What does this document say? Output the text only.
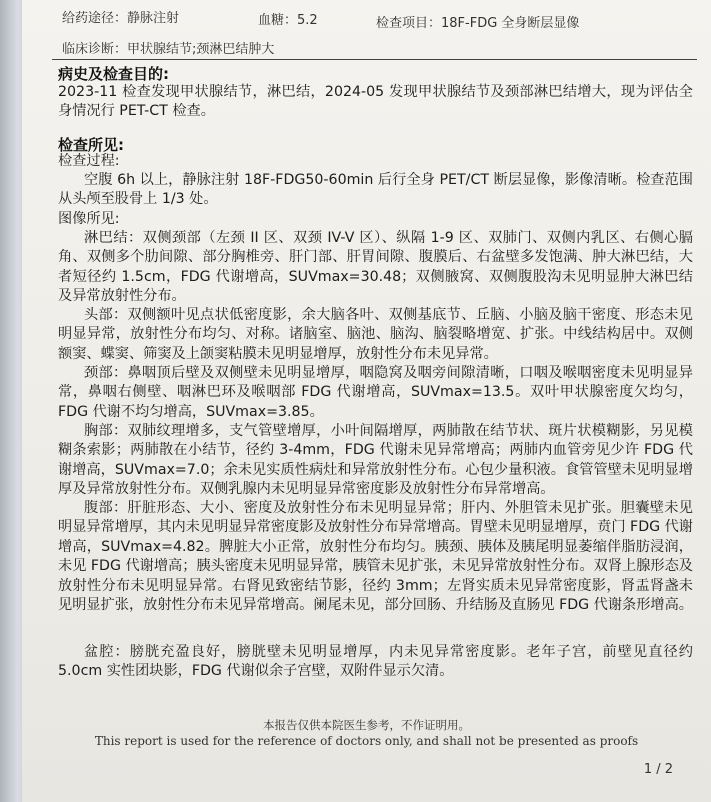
给药途径：静脉注射	血糖：5.2	检查项目：18F-FDG 全身断层显像
临床诊断：甲状腺结节;颈淋巴结肿大
病史及检查目的:
2023-11 检查发现甲状腺结节，淋巴结，2024-05 发现甲状腺结节及颈部淋巴结增大，现为评估全身情况行 PET-CT 检查。
检查所见:
检查过程:
空腹 6h 以上，静脉注射 18F-FDG50-60min 后行全身 PET/CT 断层显像，影像清晰。检查范围从头颅至股骨上 1/3 处。
图像所见:
淋巴结：双侧颈部（左颈 II 区、双颈 IV-V 区）、纵隔 1-9 区、双肺门、双侧内乳区、右侧心膈角、双侧多个肋间隙、部分胸椎旁、肝门部、肝胃间隙、腹膜后、右盆壁多发饱满、肿大淋巴结，大者短径约 1.5cm，FDG 代谢增高，SUVmax=30.48；双侧腋窝、双侧腹股沟未见明显肿大淋巴结及异常放射性分布。
头部：双侧额叶见点状低密度影，余大脑各叶、双侧基底节、丘脑、小脑及脑干密度、形态未见明显异常，放射性分布均匀、对称。诸脑室、脑池、脑沟、脑裂略增宽、扩张。中线结构居中。双侧额窦、蝶窦、筛窦及上颌窦粘膜未见明显增厚，放射性分布未见异常。
颈部：鼻咽顶后壁及双侧壁未见明显增厚，咽隐窝及咽旁间隙清晰，口咽及喉咽密度未见明显异常，鼻咽右侧壁、咽淋巴环及喉咽部 FDG 代谢增高，SUVmax=13.5。双叶甲状腺密度欠均匀，FDG 代谢不均匀增高，SUVmax=3.85。
胸部：双肺纹理增多，支气管壁增厚，小叶间隔增厚，两肺散在结节状、斑片状模糊影，另见模糊条索影；两肺散在小结节，径约 3-4mm，FDG 代谢未见异常增高；两肺内血管旁见少许 FDG 代谢增高，SUVmax=7.0；余未见实质性病灶和异常放射性分布。心包少量积液。食管管壁未见明显增厚及异常放射性分布。双侧乳腺内未见明显异常密度影及放射性分布异常增高。
腹部：肝脏形态、大小、密度及放射性分布未见明显异常；肝内、外胆管未见扩张。胆囊壁未见明显异常增厚，其内未见明显异常密度影及放射性分布异常增高。胃壁未见明显增厚，贲门 FDG 代谢增高，SUVmax=4.82。脾脏大小正常，放射性分布均匀。胰颈、胰体及胰尾明显萎缩伴脂肪浸润，未见 FDG 代谢增高；胰头密度未见明显异常，胰管未见扩张，未见异常放射性分布。双肾上腺形态及放射性分布未见明显异常。右肾见致密结节影，径约 3mm；左肾实质未见异常密度影，肾盂肾盏未见明显扩张，放射性分布未见异常增高。阑尾未见，部分回肠、升结肠及直肠见 FDG 代谢条形增高。
盆腔：膀胱充盈良好，膀胱壁未见明显增厚，内未见异常密度影。老年子宫，前壁见直径约 5.0cm 实性团块影，FDG 代谢似余子宫壁，双附件显示欠清。
本报告仅供本院医生参考，不作证明用。
This report is used for the reference of doctors only, and shall not be presented as proofs
1 / 2
